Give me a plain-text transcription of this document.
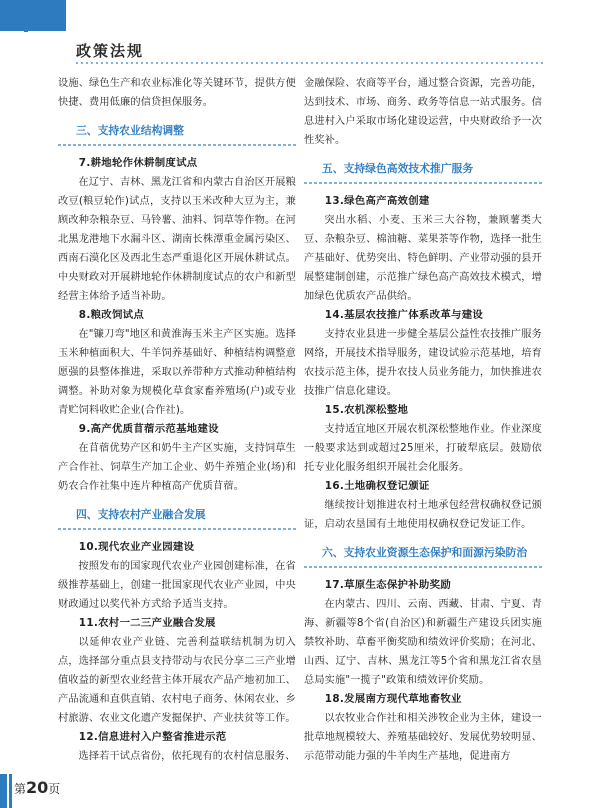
政策法规

设施、绿色生产和农业标准化等关键环节，提供方便快捷、费用低廉的信贷担保服务。

三、支持农业结构调整

7.耕地轮作休耕制度试点

在辽宁、吉林、黑龙江省和内蒙古自治区开展粮改豆(粮豆轮作)试点，支持以玉米改种大豆为主，兼顾改种杂粮杂豆、马铃薯、油料、饲草等作物。在河北黑龙港地下水漏斗区、湖南长株潭重金属污染区、西南石漠化区及西北生态严重退化区开展休耕试点。中央财政对开展耕地轮作休耕制度试点的农户和新型经营主体给予适当补助。

8.粮改饲试点

在"镰刀弯"地区和黄淮海玉米主产区实施。选择玉米种植面积大、牛羊饲养基础好、种植结构调整意愿强的县整体推进，采取以养带种方式推动种植结构调整。补助对象为规模化草食家畜养殖场(户)或专业青贮饲料收贮企业(合作社)。

9.高产优质苜蓿示范基地建设

在苜蓿优势产区和奶牛主产区实施，支持饲草生产合作社、饲草生产加工企业、奶牛养殖企业(场)和奶农合作社集中连片种植高产优质苜蓿。

四、支持农村产业融合发展

10.现代农业产业园建设

按照发布的国家现代农业产业园创建标准，在省级推荐基础上，创建一批国家现代农业产业园，中央财政通过以奖代补方式给予适当支持。

11.农村一二三产业融合发展

以延伸农业产业链、完善利益联结机制为切入点，选择部分重点县支持带动与农民分享二三产业增值收益的新型农业经营主体开展农产品产地初加工、产品流通和直供直销、农村电子商务、休闲农业、乡村旅游、农业文化遗产发掘保护、产业扶贫等工作。

12.信息进村入户整省推进示范

选择若干试点省份，依托现有的农村信息服务、

金融保险、农商等平台，通过整合资源，完善功能，达到技术、市场、商务、政务等信息一站式服务。信息进村入户采取市场化建设运营，中央财政给予一次性奖补。

五、支持绿色高效技术推广服务

13.绿色高产高效创建

突出水稻、小麦、玉米三大谷物，兼顾薯类大豆、杂粮杂豆、棉油糖、菜果茶等作物，选择一批生产基础好、优势突出、特色鲜明、产业带动强的县开展整建制创建，示范推广绿色高产高效技术模式，增加绿色优质农产品供给。

14.基层农技推广体系改革与建设

支持农业县进一步健全基层公益性农技推广服务网络，开展技术指导服务，建设试验示范基地，培育农技示范主体，提升农技人员业务能力，加快推进农技推广信息化建设。

15.农机深松整地

支持适宜地区开展农机深松整地作业。作业深度一般要求达到或超过25厘米，打破犁底层。鼓励依托专业化服务组织开展社会化服务。

16.土地确权登记颁证

继续按计划推进农村土地承包经营权确权登记颁证，启动农垦国有土地使用权确权登记发证工作。

六、支持农业资源生态保护和面源污染防治

17.草原生态保护补助奖励

在内蒙古、四川、云南、西藏、甘肃、宁夏、青海、新疆等8个省(自治区)和新疆生产建设兵团实施禁牧补助、草畜平衡奖励和绩效评价奖励；在河北、山西、辽宁、吉林、黑龙江等5个省和黑龙江省农垦总局实施"一揽子"政策和绩效评价奖励。

18.发展南方现代草地畜牧业

以农牧业合作社和相关涉牧企业为主体，建设一批草地规模较大、养殖基础较好、发展优势较明显、示范带动能力强的牛羊肉生产基地，促进南方

第20页
